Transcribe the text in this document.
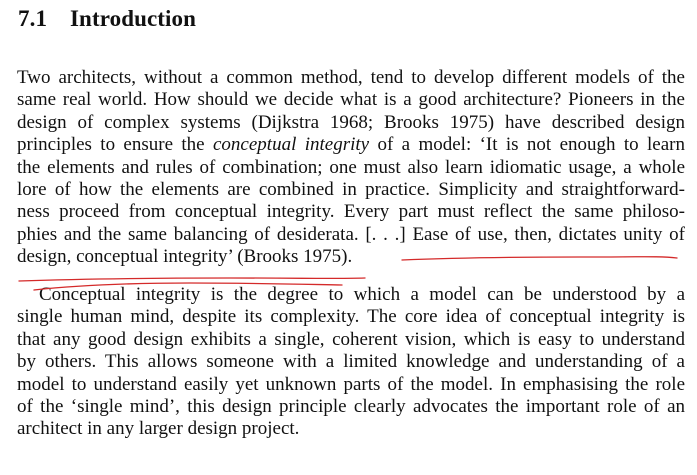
7.1 Introduction

Two architects, without a common method, tend to develop different models of the
same real world. How should we decide what is a good architecture? Pioneers in the
design of complex systems (Dijkstra 1968; Brooks 1975) have described design
principles to ensure the conceptual integrity of a model: ‘It is not enough to learn
the elements and rules of combination; one must also learn idiomatic usage, a whole
lore of how the elements are combined in practice. Simplicity and straightforward-
ness proceed from conceptual integrity. Every part must reflect the same philoso-
phies and the same balancing of desiderata. [. . .] Ease of use, then, dictates unity of
design, conceptual integrity’ (Brooks 1975).

Conceptual integrity is the degree to which a model can be understood by a
single human mind, despite its complexity. The core idea of conceptual integrity is
that any good design exhibits a single, coherent vision, which is easy to understand
by others. This allows someone with a limited knowledge and understanding of a
model to understand easily yet unknown parts of the model. In emphasising the role
of the ‘single mind’, this design principle clearly advocates the important role of an
architect in any larger design project.
